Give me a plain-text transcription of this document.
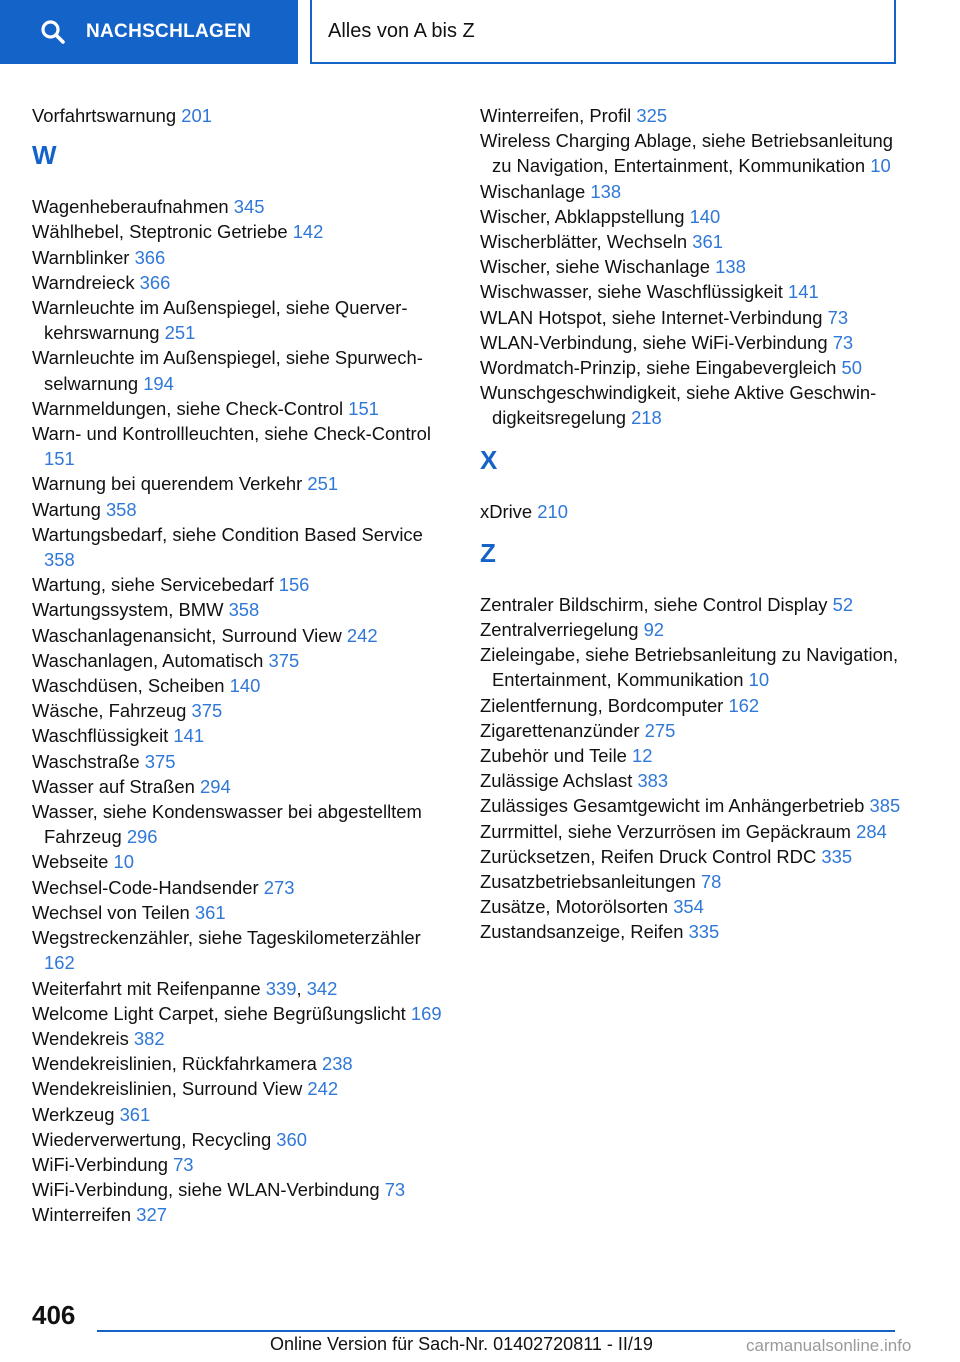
NACHSCHLAGEN	Alles von A bis Z
Vorfahrtswarnung 201
W
Wagenheberaufnahmen 345
Wählhebel, Steptronic Getriebe 142
Warnblinker 366
Warndreieck 366
Warnleuchte im Außenspiegel, siehe Querverkehrswarnung 251
Warnleuchte im Außenspiegel, siehe Spurwechselwarnung 194
Warnmeldungen, siehe Check-Control 151
Warn- und Kontrollleuchten, siehe Check-Control 151
Warnung bei querendem Verkehr 251
Wartung 358
Wartungsbedarf, siehe Condition Based Service 358
Wartung, siehe Servicebedarf 156
Wartungssystem, BMW 358
Waschanlagenansicht, Surround View 242
Waschanlagen, Automatisch 375
Waschdüsen, Scheiben 140
Wäsche, Fahrzeug 375
Waschflüssigkeit 141
Waschstraße 375
Wasser auf Straßen 294
Wasser, siehe Kondenswasser bei abgestelltem Fahrzeug 296
Webseite 10
Wechsel-Code-Handsender 273
Wechsel von Teilen 361
Wegstreckenzähler, siehe Tageskilometerzähler 162
Weiterfahrt mit Reifenpanne 339, 342
Welcome Light Carpet, siehe Begrüßungslicht 169
Wendekreis 382
Wendekreislinien, Rückfahrkamera 238
Wendekreislinien, Surround View 242
Werkzeug 361
Wiederverwertung, Recycling 360
WiFi-Verbindung 73
WiFi-Verbindung, siehe WLAN-Verbindung 73
Winterreifen 327
Winterreifen, Profil 325
Wireless Charging Ablage, siehe Betriebsanleitung zu Navigation, Entertainment, Kommunikation 10
Wischanlage 138
Wischer, Abklappstellung 140
Wischerblätter, Wechseln 361
Wischer, siehe Wischanlage 138
Wischwasser, siehe Waschflüssigkeit 141
WLAN Hotspot, siehe Internet-Verbindung 73
WLAN-Verbindung, siehe WiFi-Verbindung 73
Wordmatch-Prinzip, siehe Eingabevergleich 50
Wunschgeschwindigkeit, siehe Aktive Geschwindigkeitsregelung 218
X
xDrive 210
Z
Zentraler Bildschirm, siehe Control Display 52
Zentralverriegelung 92
Zieleingabe, siehe Betriebsanleitung zu Navigation, Entertainment, Kommunikation 10
Zielentfernung, Bordcomputer 162
Zigarettenanzünder 275
Zubehör und Teile 12
Zulässige Achslast 383
Zulässiges Gesamtgewicht im Anhängerbetrieb 385
Zurrmittel, siehe Verzurrösen im Gepäckraum 284
Zurücksetzen, Reifen Druck Control RDC 335
Zusatzbetriebsanleitungen 78
Zusätze, Motorölsorten 354
Zustandsanzeige, Reifen 335
406
Online Version für Sach-Nr. 01402720811 - II/19	carmanualsonline.info
